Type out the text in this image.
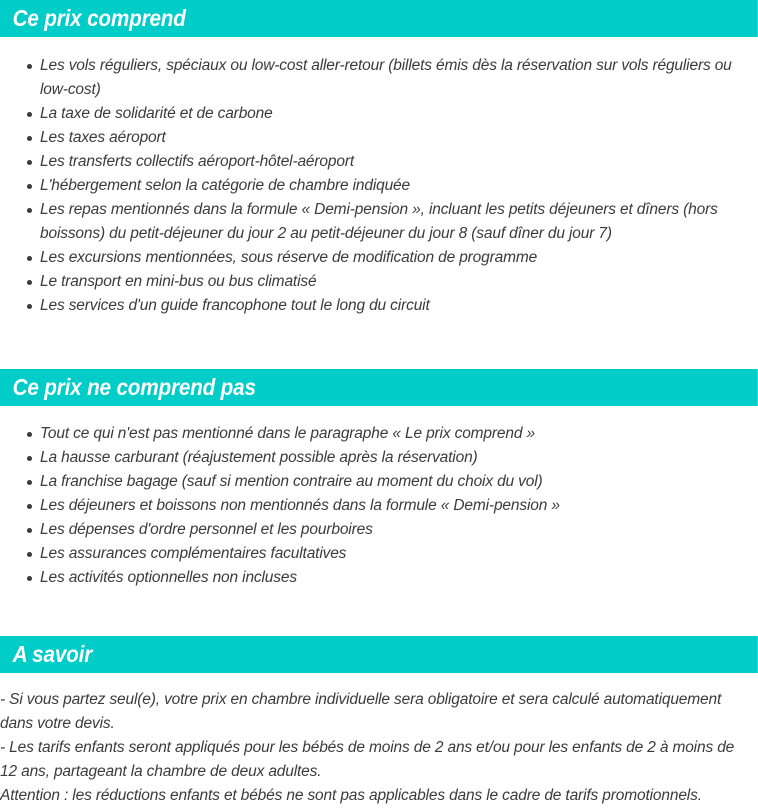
Ce prix comprend
Les vols réguliers, spéciaux ou low-cost aller-retour (billets émis dès la réservation sur vols réguliers ou low-cost)
La taxe de solidarité et de carbone
Les taxes aéroport
Les transferts collectifs aéroport-hôtel-aéroport
L'hébergement selon la catégorie de chambre indiquée
Les repas mentionnés dans la formule « Demi-pension », incluant les petits déjeuners et dîners (hors boissons) du petit-déjeuner du jour 2 au petit-déjeuner du jour 8 (sauf dîner du jour 7)
Les excursions mentionnées, sous réserve de modification de programme
Le transport en mini-bus ou bus climatisé
Les services d'un guide francophone tout le long du circuit
Ce prix ne comprend pas
Tout ce qui n'est pas mentionné dans le paragraphe « Le prix comprend »
La hausse carburant (réajustement possible après la réservation)
La franchise bagage (sauf si mention contraire au moment du choix du vol)
Les déjeuners et boissons non mentionnés dans la formule « Demi-pension »
Les dépenses d'ordre personnel et les pourboires
Les assurances complémentaires facultatives
Les activités optionnelles non incluses
A savoir

- Si vous partez seul(e), votre prix en chambre individuelle sera obligatoire et sera calculé automatiquement dans votre devis.

- Les tarifs enfants seront appliqués pour les bébés de moins de 2 ans et/ou pour les enfants de 2 à moins de 12 ans, partageant la chambre de deux adultes.

Attention : les réductions enfants et bébés ne sont pas applicables dans le cadre de tarifs promotionnels.
